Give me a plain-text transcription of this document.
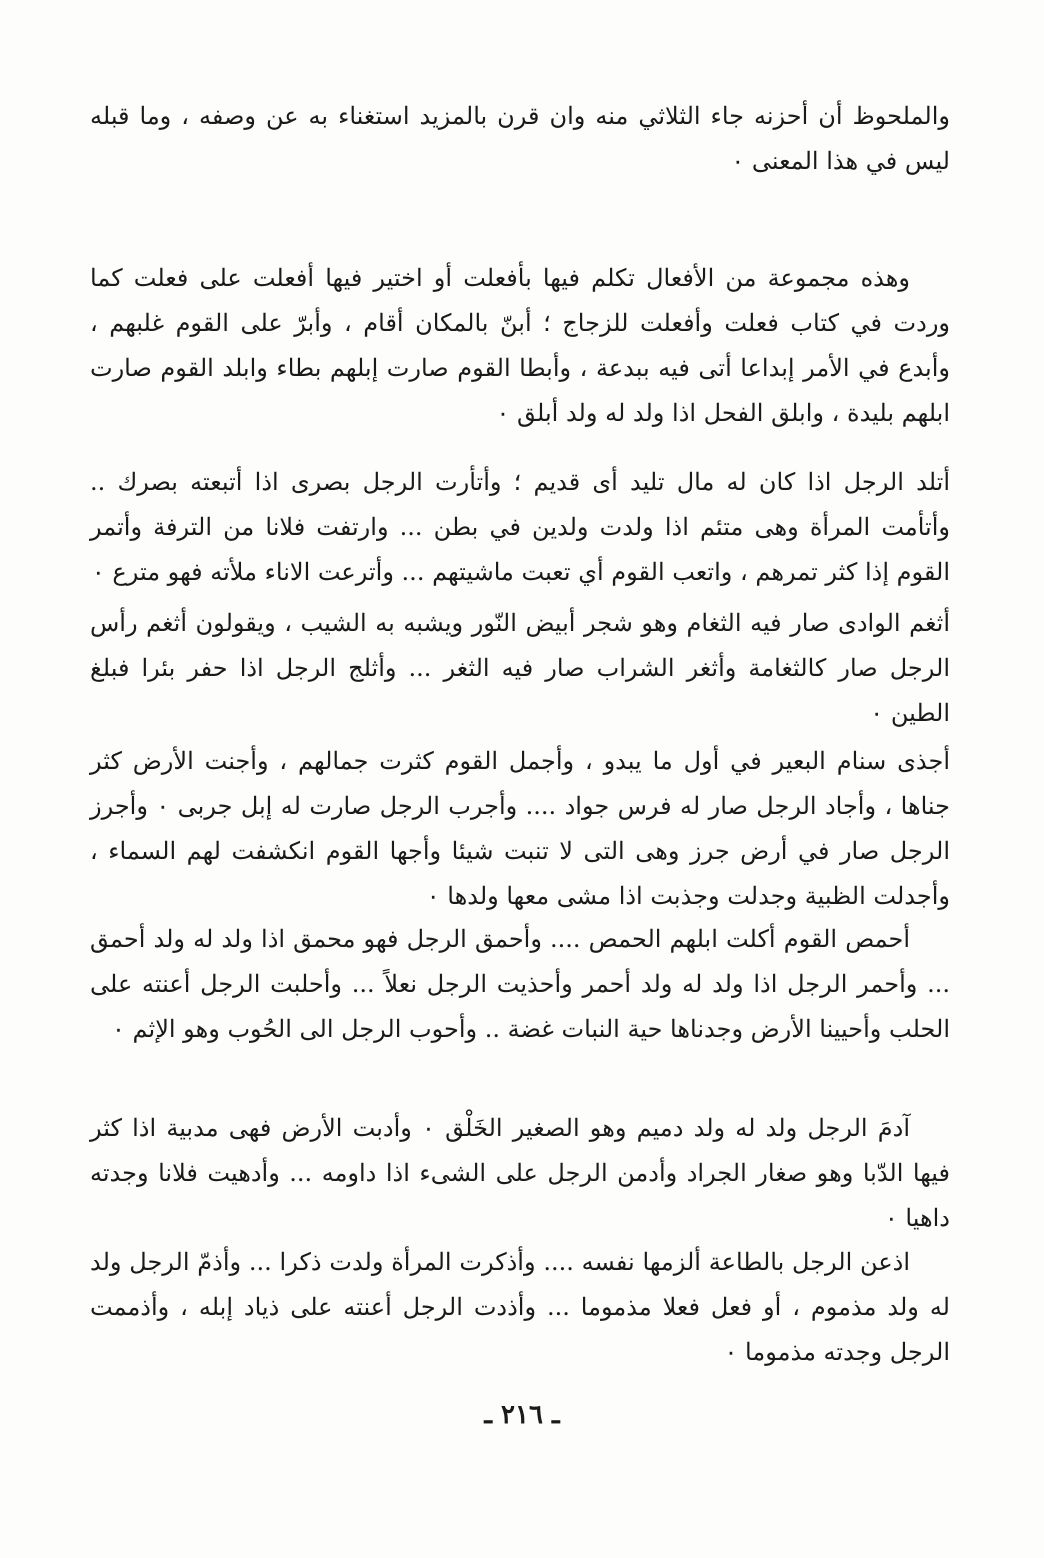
والملحوظ أن أحزنه جاء الثلاثي منه وان قرن بالمزيد استغناء به عن وصفه ، وما قبله ليس في هذا المعنى ٠

وهذه مجموعة من الأفعال تكلم فيها بأفعلت أو اختير فيها أفعلت على فعلت كما وردت في كتاب فعلت وأفعلت للزجاج ؛ أبنّ بالمكان أقام ، وأبرّ على القوم غلبهم ، وأبدع في الأمر إبداعا أتى فيه ببدعة ، وأبطا القوم صارت إبلهم بطاء وابلد القوم صارت ابلهم بليدة ، وابلق الفحل اذا ولد له ولد أبلق ٠

أتلد الرجل اذا كان له مال تليد أى قديم ؛ وأتأرت الرجل بصرى اذا أتبعته بصرك .. وأتأمت المرأة وهى متئم اذا ولدت ولدين في بطن ... وارتفت فلانا من الترفة وأتمر القوم إذا كثر تمرهم ، واتعب القوم أي تعبت ماشيتهم ... وأترعت الاناء ملأته فهو مترع ٠

أثغم الوادى صار فيه الثغام وهو شجر أبيض النّور ويشبه به الشيب ، ويقولون أثغم رأس الرجل صار كالثغامة وأثغر الشراب صار فيه الثغر ... وأثلج الرجل اذا حفر بئرا فبلغ الطين ٠

أجذى سنام البعير في أول ما يبدو ، وأجمل القوم كثرت جمالهم ، وأجنت الأرض كثر جناها ، وأجاد الرجل صار له فرس جواد .... وأجرب الرجل صارت له إبل جربى ٠ وأجرز الرجل صار في أرض جرز وهى التى لا تنبت شيئا وأجها القوم انكشفت لهم السماء ، وأجدلت الظبية وجدلت وجذبت اذا مشى معها ولدها ٠

أحمص القوم أكلت ابلهم الحمص .... وأحمق الرجل فهو محمق اذا ولد له ولد أحمق ... وأحمر الرجل اذا ولد له ولد أحمر وأحذيت الرجل نعلاً ... وأحلبت الرجل أعنته على الحلب وأحيينا الأرض وجدناها حية النبات غضة .. وأحوب الرجل الى الحُوب وهو الإثم ٠

آدمَ الرجل ولد له ولد دميم وهو الصغير الخَلْق ٠ وأدبت الأرض فهى مدبية اذا كثر فيها الدّبا وهو صغار الجراد وأدمن الرجل على الشىء اذا داومه ... وأدهيت فلانا وجدته داهيا ٠

اذعن الرجل بالطاعة ألزمها نفسه .... وأذكرت المرأة ولدت ذكرا ... وأذمّ الرجل ولد له ولد مذموم ، أو فعل فعلا مذموما ... وأذدت الرجل أعنته على ذياد إبله ، وأذممت الرجل وجدته مذموما ٠

ـ ٢١٦ ـ
